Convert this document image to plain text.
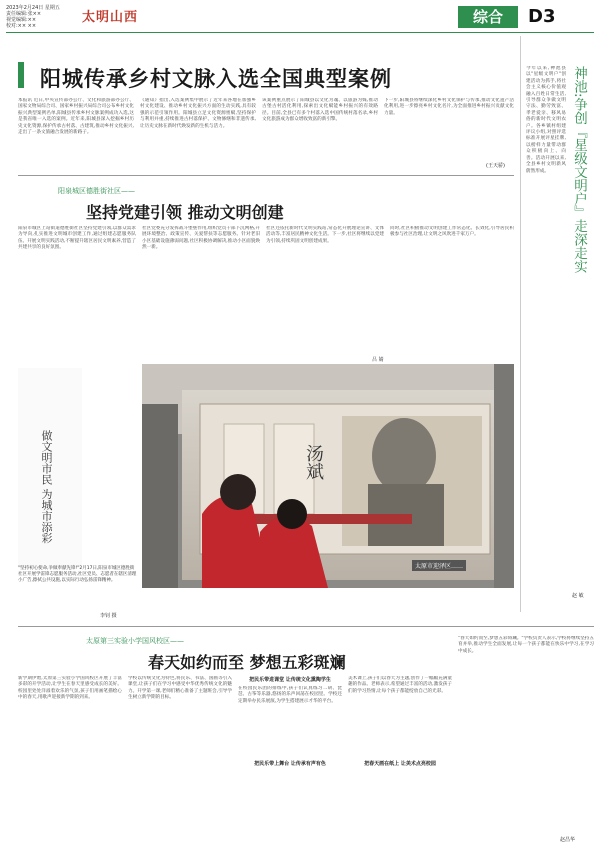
2023年2月24日 星期五
责任编辑:张××
视觉编辑:××
校对:×× ××
太明山西	综合	D3
阳城传承乡村文脉入选全国典型案例
本报讯 近日,中央宣传部办公厅、文化和旅游部办公厅、国家文物局综合司、国家乡村振兴局综合司公布乡村文化振兴典型案例名单,阳城县传承乡村文脉案例成功入选,这是我省唯一入选的案例。近年来,阳城县深入挖掘乡村历史文化资源,保护传承古村落、古建筑,推动乡村文化振兴,走出了一条文旅融合发展的新路子。
《通知》指出,入选案例集中展示了近年来各地在加强乡村文化建设、推动乡村文化振兴方面的生动实践,具有较强的示范引领作用。阳城县立足文化资源禀赋,坚持保护与利用并重,持续推进古村落保护、文物修缮和非遗传承,让历史文脉在新时代焕发新的生机与活力。
该案例重点展示了阳城县以文化为魂、以旅游为媒,推动古堡古村活化利用,探索出文化赋能乡村振兴的有效路径。目前,全县已有多个村落入选中国传统村落名录,乡村文化旅游成为群众增收致富的新引擎。
下一步,阳城县将继续深化乡村文化保护与传承,推动文化遗产活化利用,进一步擦亮乡村文化名片,为全面推进乡村振兴贡献文化力量。
(王天骄)
阳泉城区德胜街社区——
坚持党建引领 推动文明创建
阳泉市城区上站街道德胜街社区坚持党建引领,以群众需求为导向,扎实推进文明城市创建工作,通过组建志愿服务队伍、开展文明实践活动,不断提升辖区居民文明素养,营造了共建共享的良好氛围。
社区党委充分发挥战斗堡垒作用,组织党员干部下沉网格,开展环境整治、政策宣传、关爱帮扶等志愿服务。针对老旧小区基础设施薄弱问题,社区积极协调解决,推动小区面貌焕然一新。
社区还依托新时代文明实践站,常态化开展理论宣讲、文体活动等,丰富居民精神文化生活。下一步,社区将继续以党建为引领,持续巩固文明创建成果。
同时,社区积极推动文明创建工作常态化、长效化,引导居民积极参与社区治理,让文明之风吹进千家万户。
吕 婧
做文明市民 为城市添彩
"坚持初心使命,争做奉献先锋!"2月17日,阳泉市城区德胜街社区开展学雷锋志愿服务活动,社区党员、志愿者在辖区清理小广告,擦拭公共设施,以实际行动弘扬雷锋精神。
李钊 摄
汤斌
太原市迎泽区……
神池:争创『星级文明户』走深走实
今年以来,神池县以"星级文明户"创建活动为抓手,将社会主义核心价值观融入百姓日常生活,引导群众争做文明守法、勤劳致富、孝老爱亲、移风易俗的新时代文明农户。各乡镇村组建评议小组,对照评选标准开展评星挂牌,以榜样力量带动群众积极向上、向善。活动开展以来,全县乡村文明新风蔚然形成。
赵 敏
太原第三实验小学国风校区——
春天如约而至 梦想五彩斑斓
新学期伊始,太原第三实验小学国风校区开展了丰富多彩的开学活动,让学生在春天里感受成长的美好。校园里处处洋溢着欢乐的气氛,孩子们用画笔描绘心中的春天,用歌声迎接新学期的到来。
学校以传统文化为特色,将民乐、书法、国画等引入课堂,让孩子们在学习中感受中华优秀传统文化的魅力。开学第一课,老师们精心准备了主题班会,引导学生树立新学期的目标。
把民乐带进课堂 让传统文化熏陶学生
在校园民乐团的排练中,孩子们认真练习二胡、琵琶、古筝等乐器,悠扬的乐声回荡在校园里。学校还定期举办民乐展演,为学生搭建展示才华的平台。
把民乐带上舞台 让传承有声有色
美术课上,孩子们以春天为主题,创作了一幅幅充满童趣的作品。老师表示,希望通过丰富的活动,激发孩子们的学习热情,让每个孩子都能绽放自己的光彩。
把春天画在纸上 让美术点亮校园
"春天如约而至,梦想五彩斑斓。"学校负责人表示,学校将继续坚持五育并举,推动学生全面发展,让每一个孩子都能在快乐中学习,在学习中成长。
赵昌华
